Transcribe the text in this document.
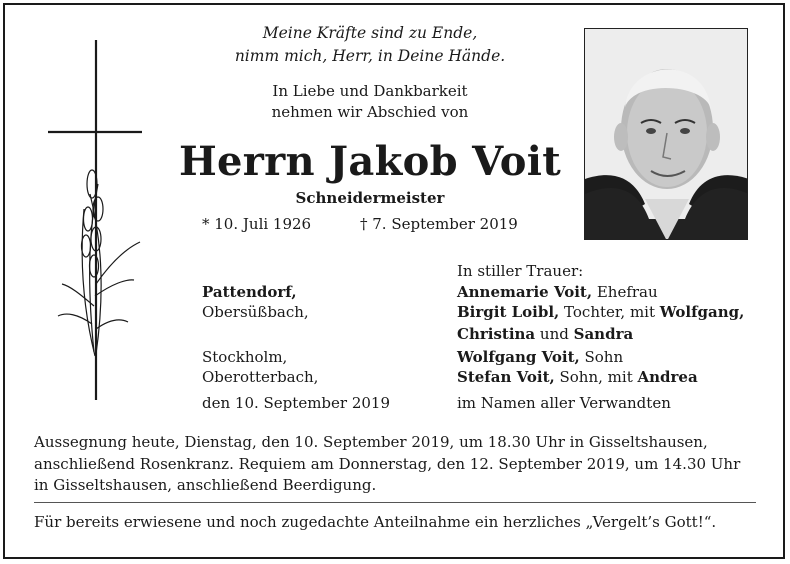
Meine Kräfte sind zu Ende,
nimm mich, Herr, in Deine Hände.
In Liebe und Dankbarkeit
nehmen wir Abschied von
Herrn Jakob Voit
Schneidermeister
* 10. Juli 1926	† 7. September 2019
Pattendorf,
Obersüßbach,
Stockholm,
Oberotterbach,
den 10. September 2019
In stiller Trauer:
Annemarie Voit, Ehefrau
Birgit Loibl, Tochter, mit Wolfgang,
Christina und Sandra
Wolfgang Voit, Sohn
Stefan Voit, Sohn, mit Andrea
im Namen aller Verwandten
Aussegnung heute, Dienstag, den 10. September 2019, um 18.30 Uhr in Gisseltshausen, anschließend Rosenkranz. Requiem am Donnerstag, den 12. September 2019, um 14.30 Uhr in Gisseltshausen, anschließend Beerdigung.
Für bereits erwiesene und noch zugedachte Anteilnahme ein herzliches „Vergelt’s Gott!“.
